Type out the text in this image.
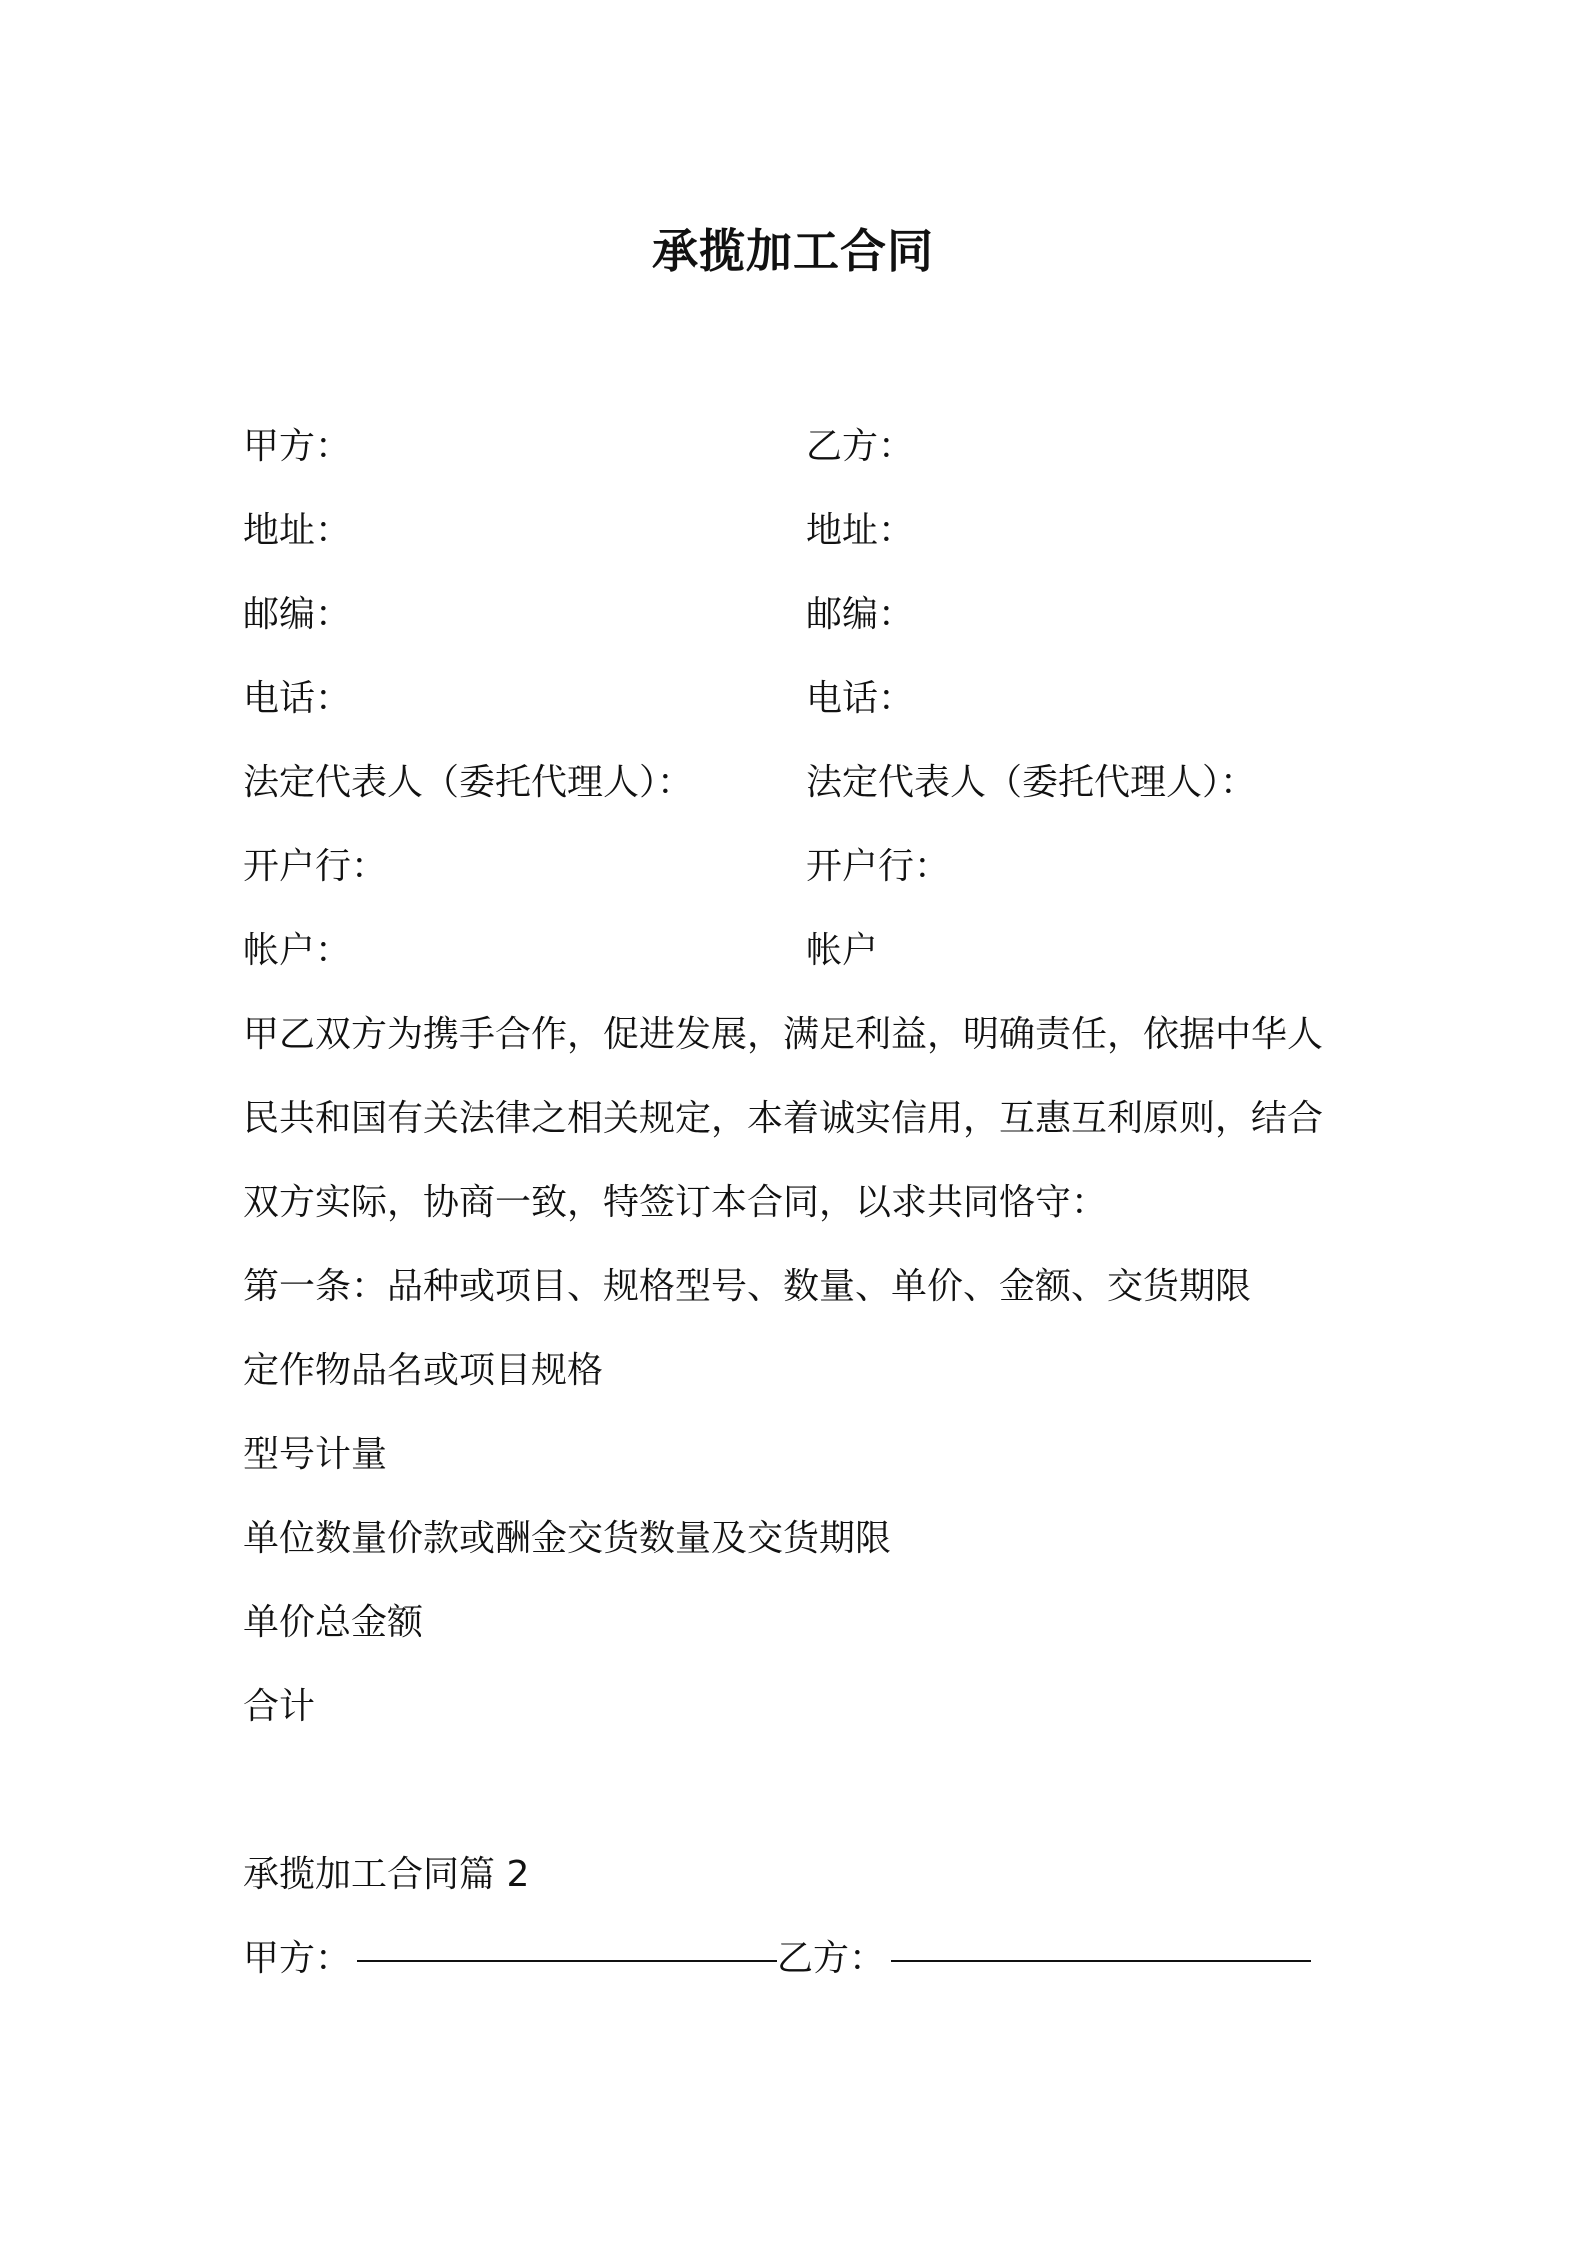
承揽加工合同
甲方：	乙方：
地址：	地址：
邮编：	邮编：
电话：	电话：
法定代表人（委托代理人）：	法定代表人（委托代理人）：
开户行：	开户行：
帐户：	帐户
甲乙双方为携手合作，促进发展，满足利益，明确责任，依据中华人
民共和国有关法律之相关规定，本着诚实信用，互惠互利原则，结合
双方实际，协商一致，特签订本合同，以求共同恪守：
第一条：品种或项目、规格型号、数量、单价、金额、交货期限
定作物品名或项目规格
型号计量
单位数量价款或酬金交货数量及交货期限
单价总金额
合计
承揽加工合同篇 2
甲方：	乙方：
